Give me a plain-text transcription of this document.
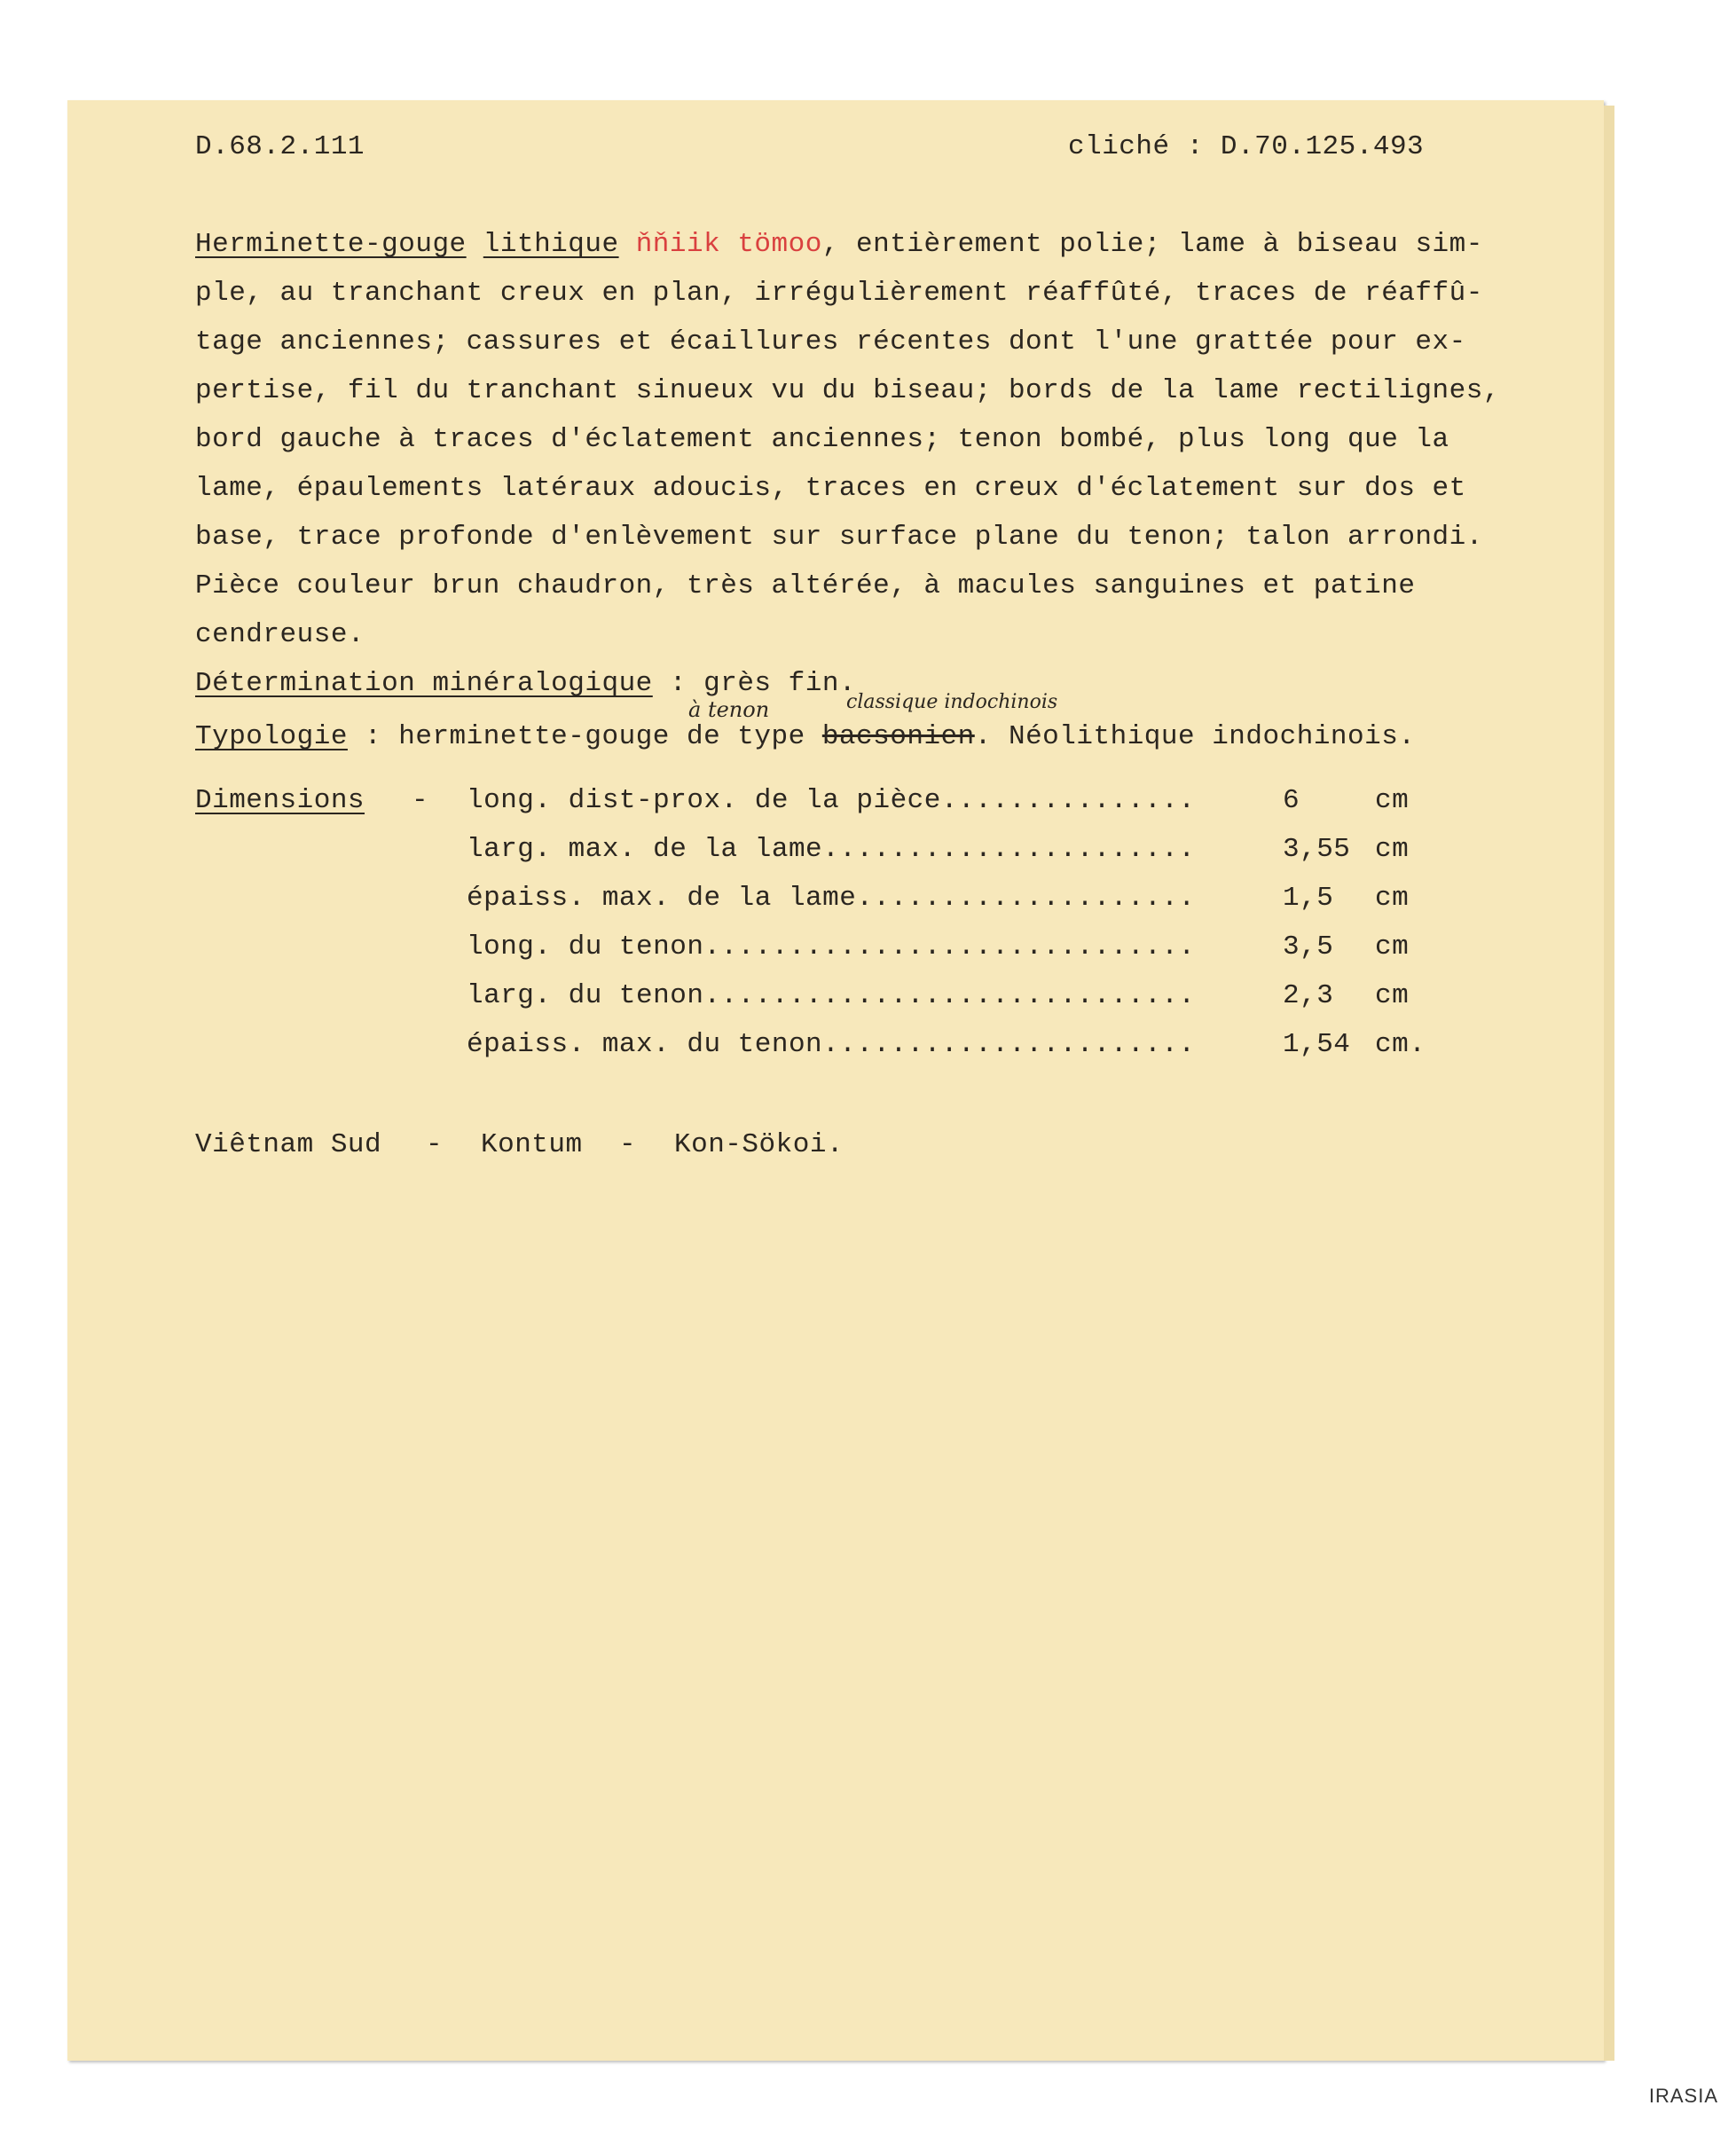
D.68.2.111	cliché : D.70.125.493
Herminette-gouge lithique ňňiik tömoo, entièrement polie; lame à biseau sim-
ple, au tranchant creux en plan, irrégulièrement réaffûté, traces de réaffû-
tage anciennes; cassures et écaillures récentes dont l'une grattée pour ex-
pertise, fil du tranchant sinueux vu du biseau; bords de la lame rectilignes,
bord gauche à traces d'éclatement anciennes; tenon bombé, plus long que la
lame, épaulements latéraux adoucis, traces en creux d'éclatement sur dos et
base, trace profonde d'enlèvement sur surface plane du tenon; talon arrondi.
Pièce couleur brun chaudron, très altérée, à macules sanguines et patine
cendreuse.
Détermination minéralogique : grès fin.
à tenon	classique indochinois
Typologie : herminette-gouge de type bacsonien. Néolithique indochinois.
Dimensions - long. dist-prox. de la pièce...............	6	cm
larg. max. de la lame......................	3,55 cm
épaiss. max. de la lame....................	1,5 cm
long. du tenon.............................	3,5 cm
larg. du tenon.............................	2,3 cm
épaiss. max. du tenon......................	1,54 cm.
Viêtnam Sud - Kontum - Kon-Sökoi.
IRASIA
